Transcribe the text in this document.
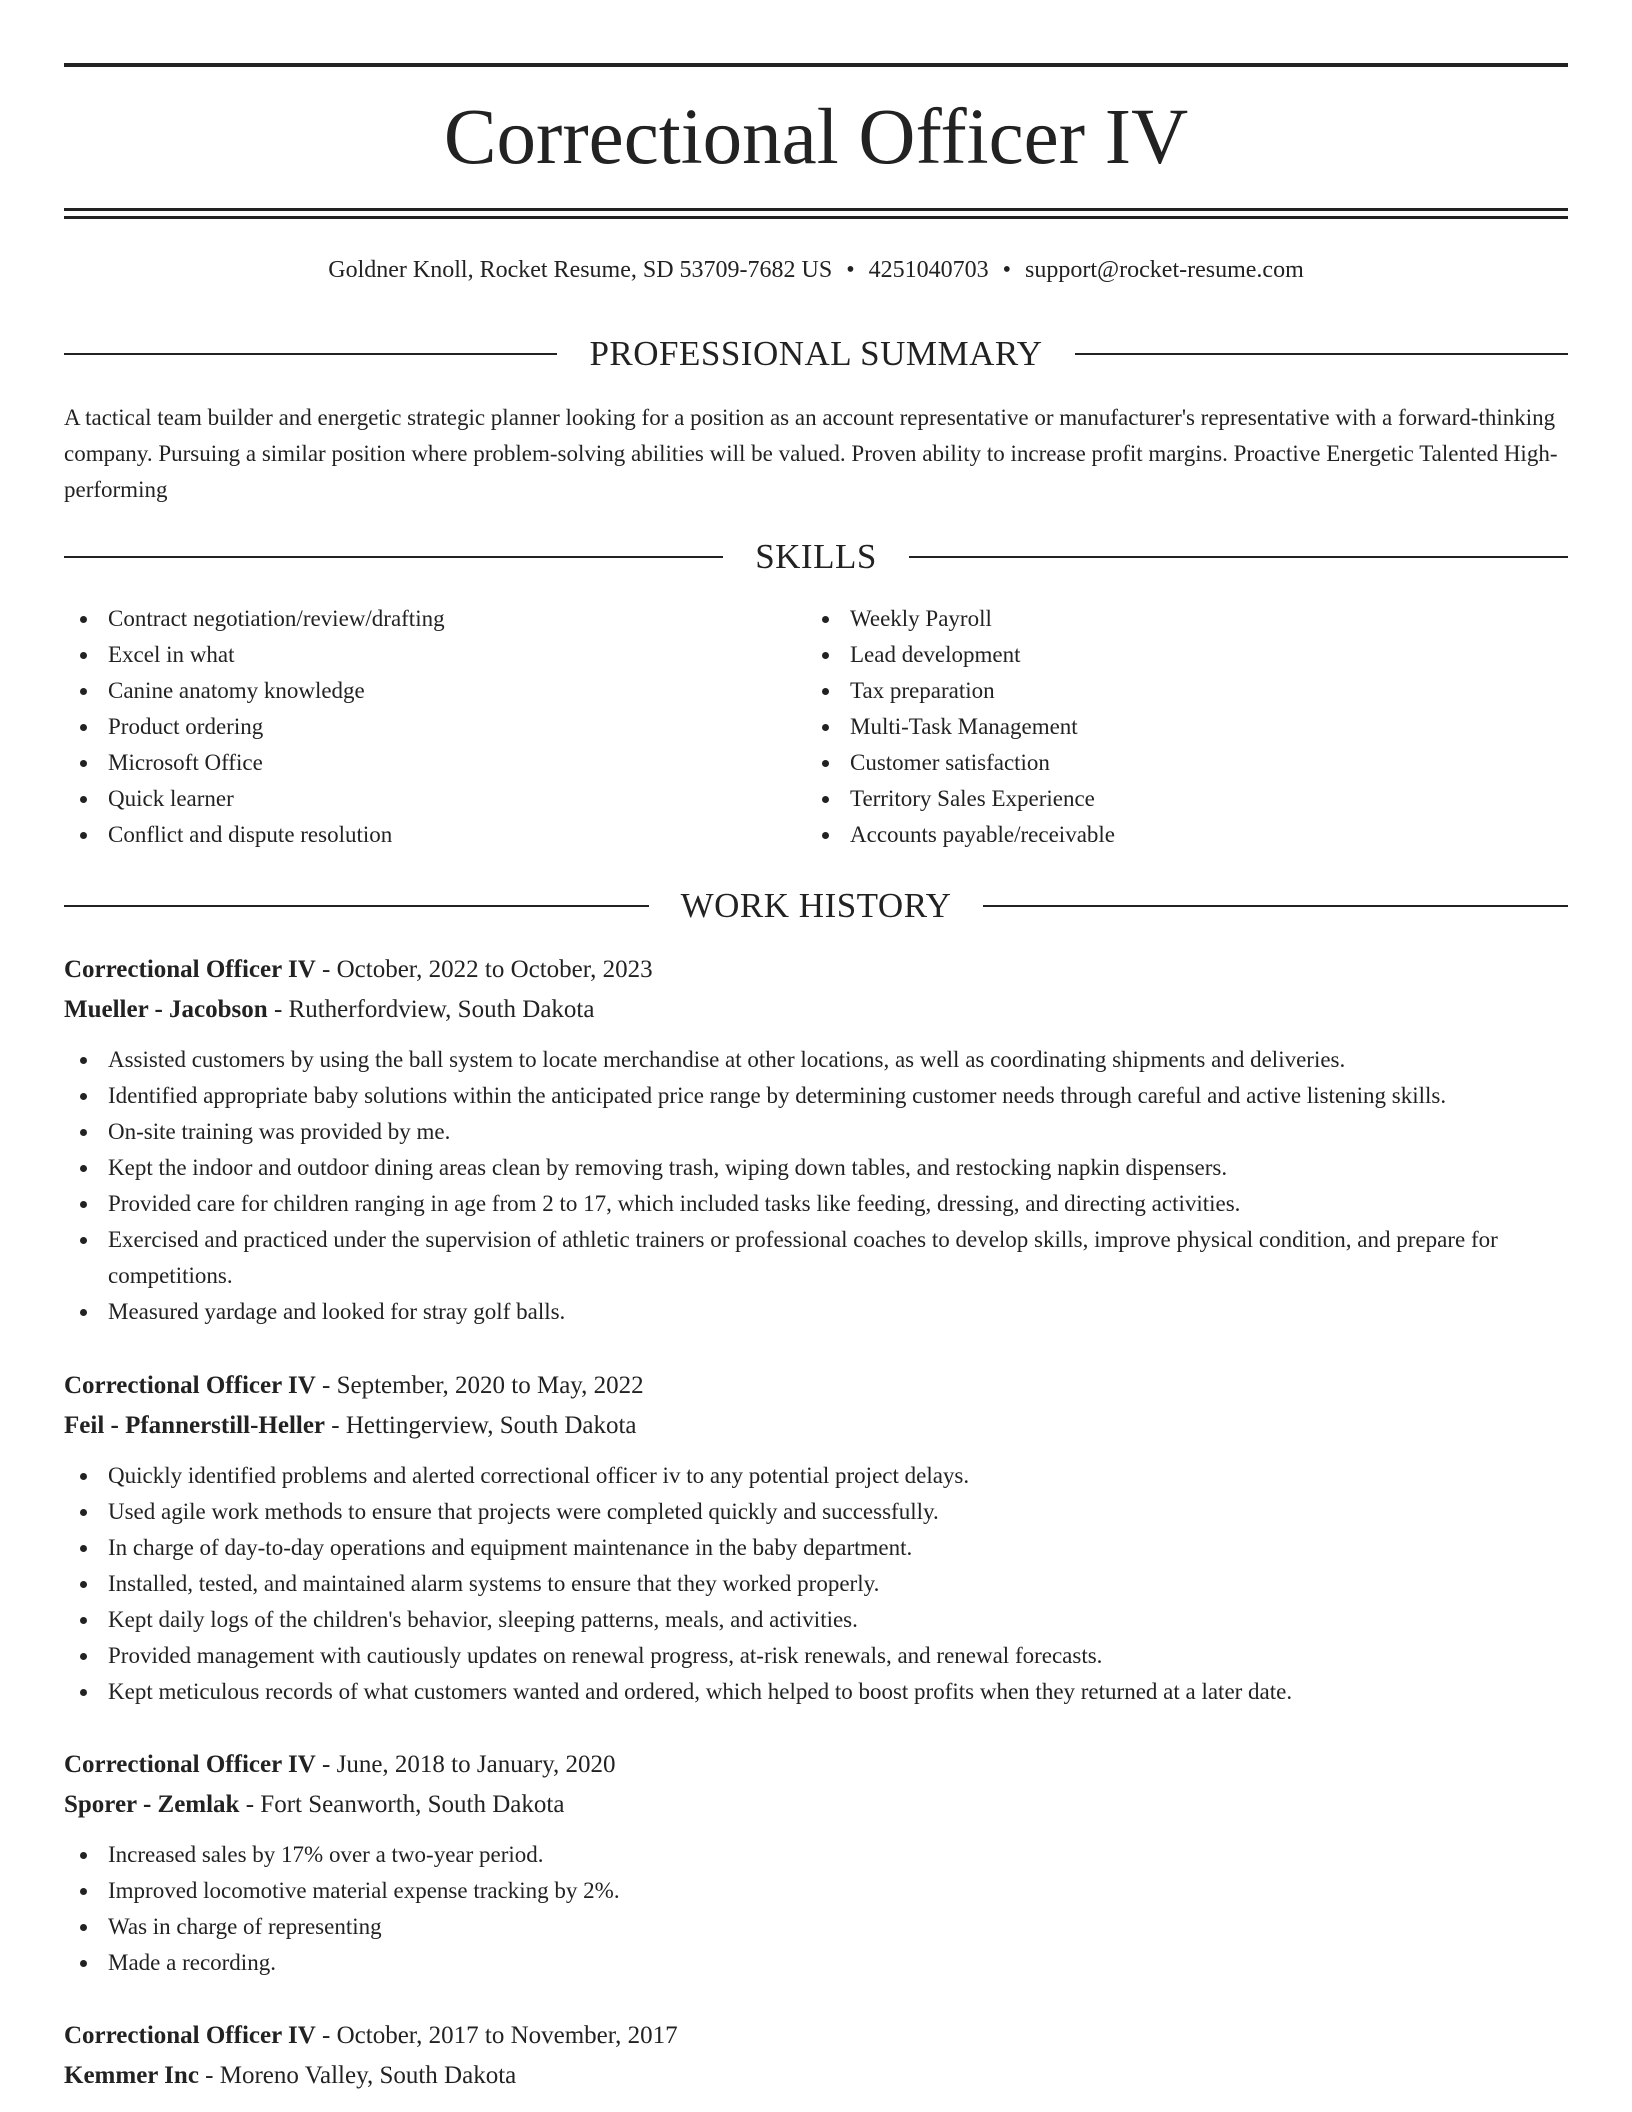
Correctional Officer IV
Goldner Knoll, Rocket Resume, SD 53709-7682 US • 4251040703 • support@rocket-resume.com
PROFESSIONAL SUMMARY

A tactical team builder and energetic strategic planner looking for a position as an account representative or manufacturer's representative with a forward-thinking company. Pursuing a similar position where problem-solving abilities will be valued. Proven ability to increase profit margins. Proactive Energetic Talented High-performing

SKILLS
Contract negotiation/review/drafting
Excel in what
Canine anatomy knowledge
Product ordering
Microsoft Office
Quick learner
Conflict and dispute resolution
Weekly Payroll
Lead development
Tax preparation
Multi-Task Management
Customer satisfaction
Territory Sales Experience
Accounts payable/receivable
WORK HISTORY
Correctional Officer IV - October, 2022 to October, 2023
Mueller - Jacobson - Rutherfordview, South Dakota
Assisted customers by using the ball system to locate merchandise at other locations, as well as coordinating shipments and deliveries.
Identified appropriate baby solutions within the anticipated price range by determining customer needs through careful and active listening skills.
On-site training was provided by me.
Kept the indoor and outdoor dining areas clean by removing trash, wiping down tables, and restocking napkin dispensers.
Provided care for children ranging in age from 2 to 17, which included tasks like feeding, dressing, and directing activities.
Exercised and practiced under the supervision of athletic trainers or professional coaches to develop skills, improve physical condition, and prepare for competitions.
Measured yardage and looked for stray golf balls.
Correctional Officer IV - September, 2020 to May, 2022
Feil - Pfannerstill-Heller - Hettingerview, South Dakota
Quickly identified problems and alerted correctional officer iv to any potential project delays.
Used agile work methods to ensure that projects were completed quickly and successfully.
In charge of day-to-day operations and equipment maintenance in the baby department.
Installed, tested, and maintained alarm systems to ensure that they worked properly.
Kept daily logs of the children's behavior, sleeping patterns, meals, and activities.
Provided management with cautiously updates on renewal progress, at-risk renewals, and renewal forecasts.
Kept meticulous records of what customers wanted and ordered, which helped to boost profits when they returned at a later date.
Correctional Officer IV - June, 2018 to January, 2020
Sporer - Zemlak - Fort Seanworth, South Dakota
Increased sales by 17% over a two-year period.
Improved locomotive material expense tracking by 2%.
Was in charge of representing
Made a recording.
Correctional Officer IV - October, 2017 to November, 2017
Kemmer Inc - Moreno Valley, South Dakota
